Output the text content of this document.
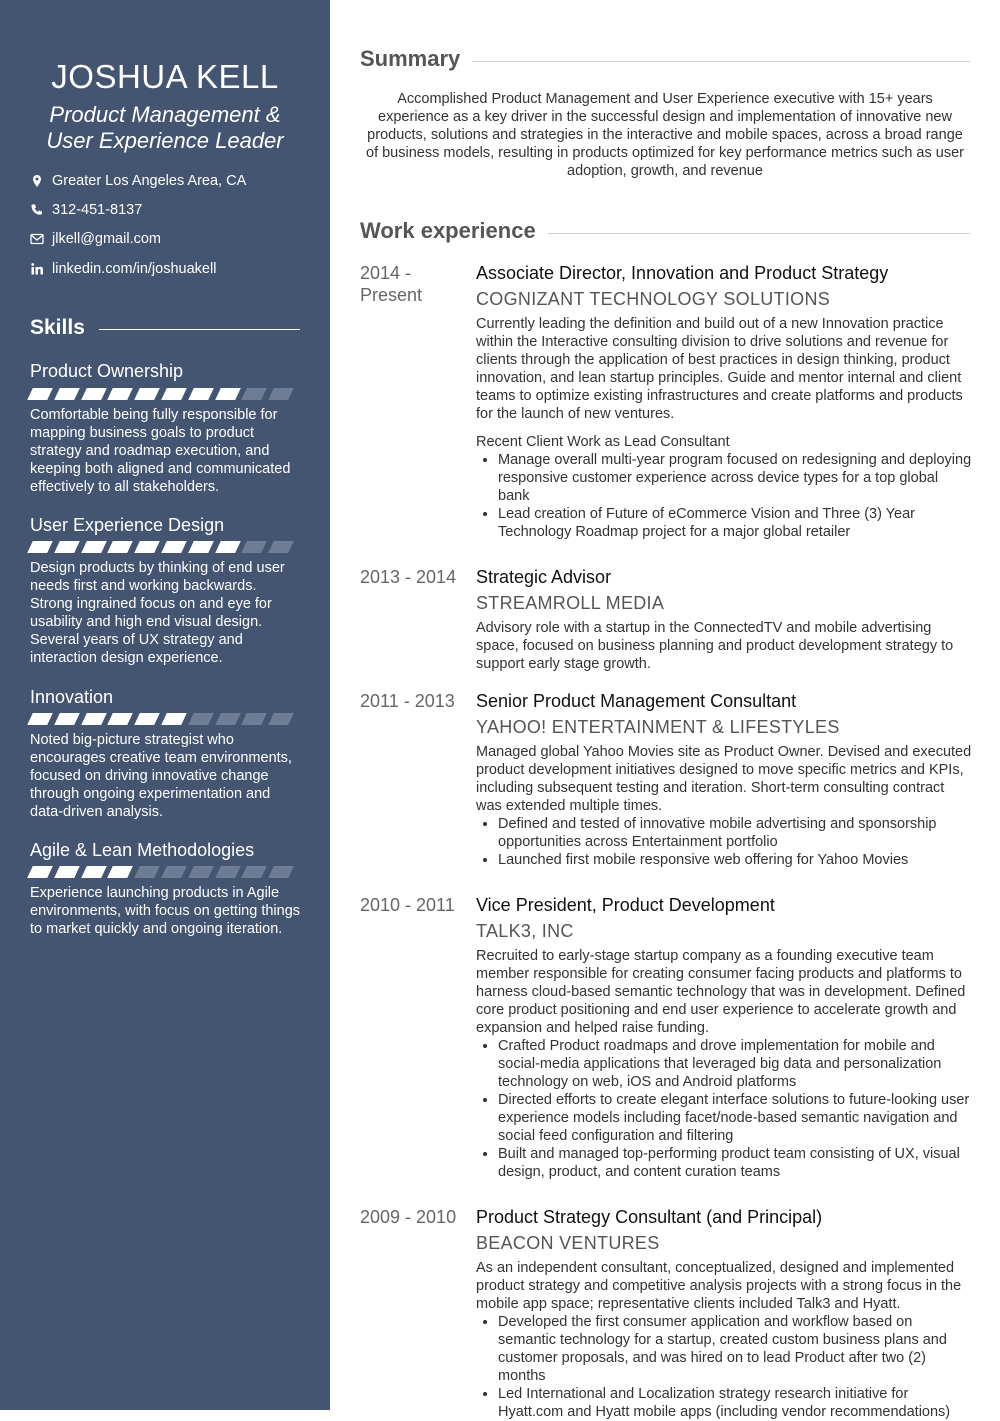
JOSHUA KELL
Product Management &
User Experience Leader
Greater Los Angeles Area, CA
312-451-8137
jlkell@gmail.com
linkedin.com/in/joshuakell
Skills
Product Ownership
Comfortable being fully responsible for mapping business goals to product strategy and roadmap execution, and keeping both aligned and communicated effectively to all stakeholders.
User Experience Design
Design products by thinking of end user needs first and working backwards. Strong ingrained focus on and eye for usability and high end visual design. Several years of UX strategy and interaction design experience.
Innovation
Noted big-picture strategist who encourages creative team environments, focused on driving innovative change through ongoing experimentation and data-driven analysis.
Agile & Lean Methodologies
Experience launching products in Agile environments, with focus on getting things to market quickly and ongoing iteration.
Summary
Accomplished Product Management and User Experience executive with 15+ years experience as a key driver in the successful design and implementation of innovative new products, solutions and strategies in the interactive and mobile spaces, across a broad range of business models, resulting in products optimized for key performance metrics such as user adoption, growth, and revenue
Work experience
2014 -
Present
Associate Director, Innovation and Product Strategy
COGNIZANT TECHNOLOGY SOLUTIONS
Currently leading the definition and build out of a new Innovation practice within the Interactive consulting division to drive solutions and revenue for clients through the application of best practices in design thinking, product innovation, and lean startup principles. Guide and mentor internal and client teams to optimize existing infrastructures and create platforms and products for the launch of new ventures.
Recent Client Work as Lead Consultant
• Manage overall multi-year program focused on redesigning and deploying responsive customer experience across device types for a top global bank
• Lead creation of Future of eCommerce Vision and Three (3) Year Technology Roadmap project for a major global retailer
2013 - 2014	Strategic Advisor
STREAMROLL MEDIA
Advisory role with a startup in the ConnectedTV and mobile advertising space, focused on business planning and product development strategy to support early stage growth.
2011 - 2013	Senior Product Management Consultant
YAHOO! ENTERTAINMENT & LIFESTYLES
Managed global Yahoo Movies site as Product Owner. Devised and executed product development initiatives designed to move specific metrics and KPIs, including subsequent testing and iteration. Short-term consulting contract was extended multiple times.
• Defined and tested of innovative mobile advertising and sponsorship opportunities across Entertainment portfolio
• Launched first mobile responsive web offering for Yahoo Movies
2010 - 2011	Vice President, Product Development
TALK3, INC
Recruited to early-stage startup company as a founding executive team member responsible for creating consumer facing products and platforms to harness cloud-based semantic technology that was in development. Defined core product positioning and end user experience to accelerate growth and expansion and helped raise funding.
• Crafted Product roadmaps and drove implementation for mobile and social-media applications that leveraged big data and personalization technology on web, iOS and Android platforms
• Directed efforts to create elegant interface solutions to future-looking user experience models including facet/node-based semantic navigation and social feed configuration and filtering
• Built and managed top-performing product team consisting of UX, visual design, product, and content curation teams
2009 - 2010	Product Strategy Consultant (and Principal)
BEACON VENTURES
As an independent consultant, conceptualized, designed and implemented product strategy and competitive analysis projects with a strong focus in the mobile app space; representative clients included Talk3 and Hyatt.
• Developed the first consumer application and workflow based on semantic technology for a startup, created custom business plans and customer proposals, and was hired on to lead Product after two (2) months
• Led International and Localization strategy research initiative for Hyatt.com and Hyatt mobile apps (including vendor recommendations)
